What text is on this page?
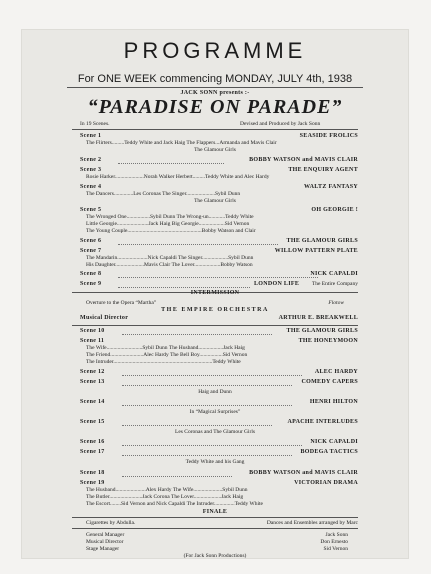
PROGRAMME
For ONE WEEK commencing MONDAY, JULY 4th, 1938
JACK SONN presents :-
“PARADISE ON PARADE”
In 19 Scenes.	Devised and Produced by Jack Sonn
Scene 1	SEASIDE FROLICS
The Flirters.........Teddy White and Jack Haig The Flappers...Armanda and Mavis Clair
The Glamour Girls
Scene 2	BOBBY WATSON and MAVIS CLAIR
Scene 3	THE ENQUIRY AGENT
Rosie Harker.....................Norah Walker Herbert.........Teddy White and Alec Hardy
Scene 4	WALTZ FANTASY
The Dancers..............Les Coronas The Singer.....................Sybil Dunn
The Glamour Girls
Scene 5	OH GEORGIE !
The Wronged One.................Sybil Dunn The Wrong-un............Teddy White
Little Georgie.......................Jack Haig Big Georgie...................Sid Vernon
The Young Couple......................................................Bobby Watson and Clair
Scene 6	THE GLAMOUR GIRLS
Scene 7	WILLOW PATTERN PLATE
The Mandarin......................Nick Capaldi The Singer...................Sybil Dunn
His Daughter.....................Mavis Clair The Lover...................Bobby Watson
Scene 8	NICK CAPALDI
Scene 9	LONDON LIFE The Entire Company
INTERMISSION
Overture to the Opera “Martha”	Flotow
THE EMPIRE ORCHESTRA
Musical Director	ARTHUR E. BREAKWELL
Scene 10	THE GLAMOUR GIRLS
Scene 11	THE HONEYMOON
The Wife..........................Sybil Dunn The Husband..................Jack Haig
The Friend........................Alec Hardy The Bell Boy.................Sid Vernon
The Intruder........................................................................Teddy White
Scene 12	ALEC HARDY
Scene 13	COMEDY CAPERS
Haig and Dunn
Scene 14	HENRI HILTON
In “Magical Surprises”
Scene 15	APACHE INTERLUDES
Les Coronas and The Glamour Girls
Scene 16	NICK CAPALDI
Scene 17	BODEGA TACTICS
Teddy White and his Gang
Scene 18	BOBBY WATSON and MAVIS CLAIR
Scene 19	VICTORIAN DRAMA
The Husband......................Alex Hardy The Wife.....................Sybil Dunn
The Butler........................Jack Corona The Lover....................Jack Haig
The Escort........Sid Vernon and Nick Capaldi The Intruder...............Teddy White
FINALE
Cigarettes by Abdulla.	Dances and Ensembles arranged by Marc
General Manager	Jack Sonn
Musical Director	Don Ernesto
Stage Manager	Sid Vernon
(For Jack Sonn Productions)
